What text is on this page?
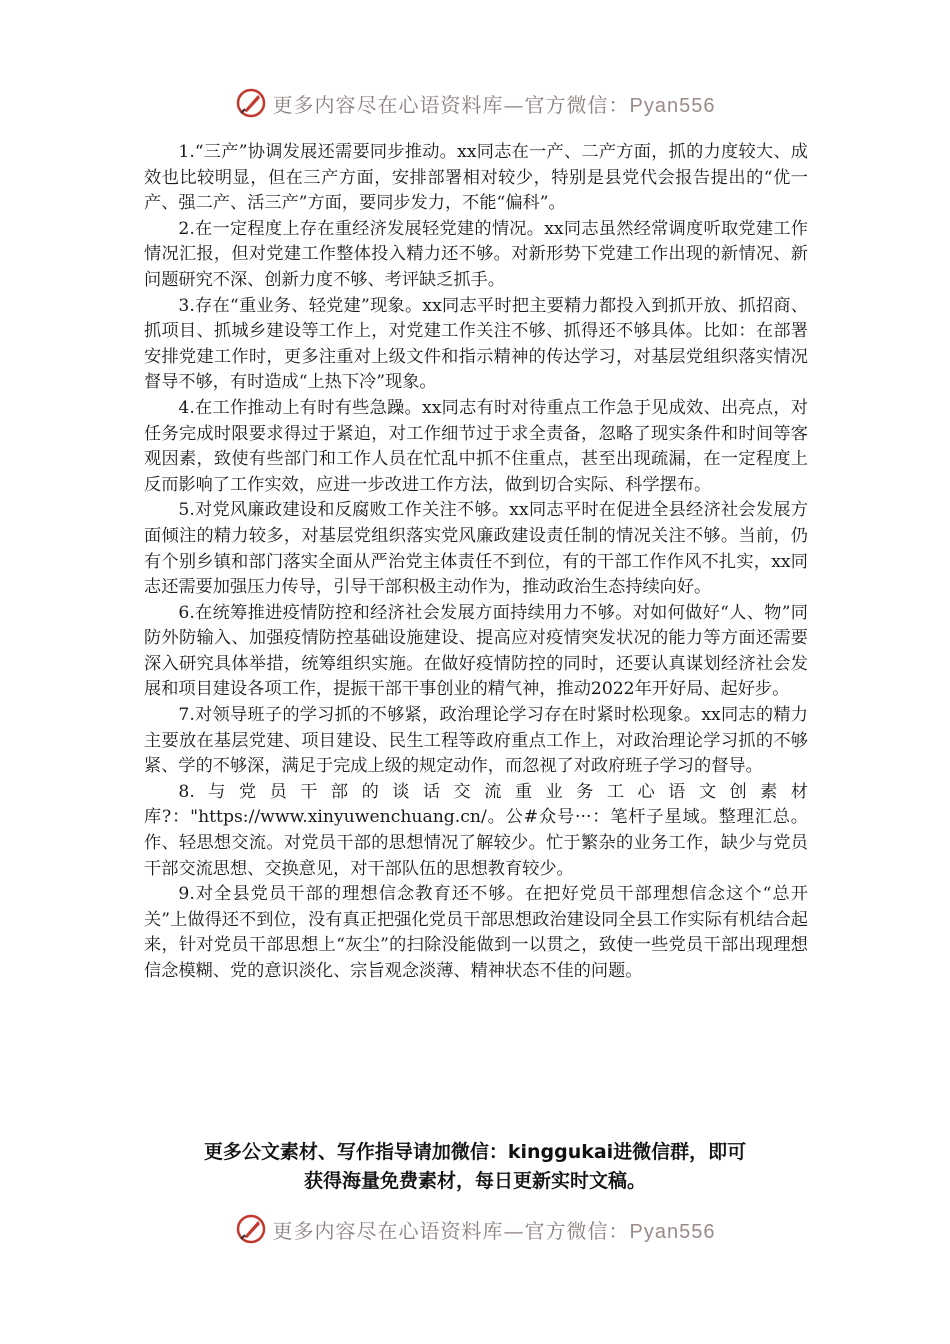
更多内容尽在心语资料库—官方微信：Pyan556

1.“三产”协调发展还需要同步推动。xx同志在一产、二产方面，抓的力度较大、成效也比较明显，但在三产方面，安排部署相对较少，特别是县党代会报告提出的“优一产、强二产、活三产”方面，要同步发力，不能“偏科”。

2.在一定程度上存在重经济发展轻党建的情况。xx同志虽然经常调度听取党建工作情况汇报，但对党建工作整体投入精力还不够。对新形势下党建工作出现的新情况、新问题研究不深、创新力度不够、考评缺乏抓手。

3.存在“重业务、轻党建”现象。xx同志平时把主要精力都投入到抓开放、抓招商、抓项目、抓城乡建设等工作上，对党建工作关注不够、抓得还不够具体。比如：在部署安排党建工作时，更多注重对上级文件和指示精神的传达学习，对基层党组织落实情况督导不够，有时造成“上热下冷”现象。

4.在工作推动上有时有些急躁。xx同志有时对待重点工作急于见成效、出亮点，对任务完成时限要求得过于紧迫，对工作细节过于求全责备，忽略了现实条件和时间等客观因素，致使有些部门和工作人员在忙乱中抓不住重点，甚至出现疏漏，在一定程度上反而影响了工作实效，应进一步改进工作方法，做到切合实际、科学摆布。

5.对党风廉政建设和反腐败工作关注不够。xx同志平时在促进全县经济社会发展方面倾注的精力较多，对基层党组织落实党风廉政建设责任制的情况关注不够。当前，仍有个别乡镇和部门落实全面从严治党主体责任不到位，有的干部工作作风不扎实，xx同志还需要加强压力传导，引导干部积极主动作为，推动政治生态持续向好。

6.在统筹推进疫情防控和经济社会发展方面持续用力不够。对如何做好“人、物”同防外防输入、加强疫情防控基础设施建设、提高应对疫情突发状况的能力等方面还需要深入研究具体举措，统筹组织实施。在做好疫情防控的同时，还要认真谋划经济社会发展和项目建设各项工作，提振干部干事创业的精气神，推动2022年开好局、起好步。

7.对领导班子的学习抓的不够紧，政治理论学习存在时紧时松现象。xx同志的精力主要放在基层党建、项目建设、民生工程等政府重点工作上，对政治理论学习抓的不够紧、学的不够深，满足于完成上级的规定动作，而忽视了对政府班子学习的督导。

8.与党员干部的谈话交流重业务工心语文创素材库?："https://www.xinyuwenchuang.cn/。公#众号···：笔杆子星域。整理汇总。作、轻思想交流。对党员干部的思想情况了解较少。忙于繁杂的业务工作，缺少与党员干部交流思想、交换意见，对干部队伍的思想教育较少。

9.对全县党员干部的理想信念教育还不够。在把好党员干部理想信念这个“总开关”上做得还不到位，没有真正把强化党员干部思想政治建设同全县工作实际有机结合起来，针对党员干部思想上“灰尘”的扫除没能做到一以贯之，致使一些党员干部出现理想信念模糊、党的意识淡化、宗旨观念淡薄、精神状态不佳的问题。

更多公文素材、写作指导请加微信：kinggukai进微信群，即可
获得海量免费素材，每日更新实时文稿。
更多内容尽在心语资料库—官方微信：Pyan556
